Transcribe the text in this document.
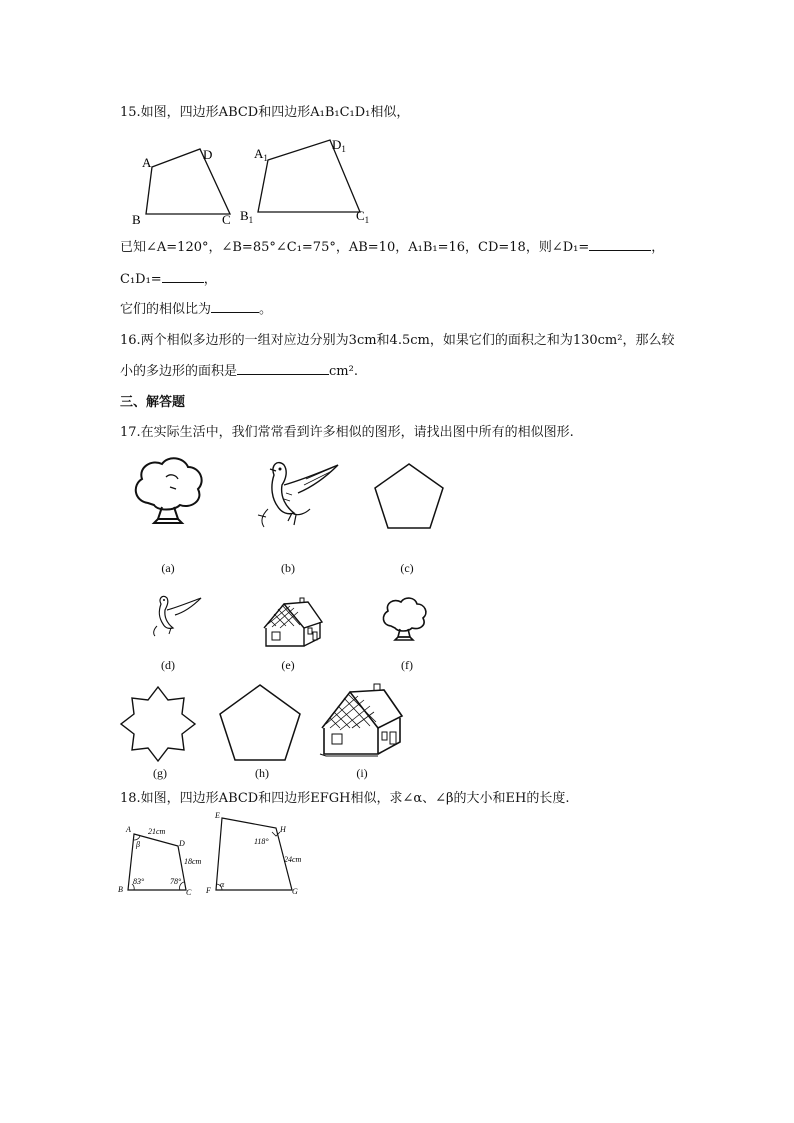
15.如图，四边形ABCD和四边形A₁B₁C₁D₁相似，
A
D
B	C
$A_1$
$D_1$
$B_1$	$C_1$
已知∠A=120°，∠B=85°∠C₁=75°，AB=10，A₁B₁=16，CD=18，则∠D₁=	，
C₁D₁=	，
它们的相似比为	。
16.两个相似多边形的一组对应边分别为3cm和4.5cm，如果它们的面积之和为130cm²，那么较
小的多边形的面积是	cm².
三、解答题
17.在实际生活中，我们常常看到许多相似的图形，请找出图中所有的相似图形.
(a)	(b)	(c)
(d)	(e)	(f)
(g)	(h)	(i)
18.如图，四边形ABCD和四边形EFGH相似，求∠α、∠β的大小和EH的长度.
A
D
B	C
21cm
18cm
83°	78°
β
E
H
F	G
118°
24cm
α
